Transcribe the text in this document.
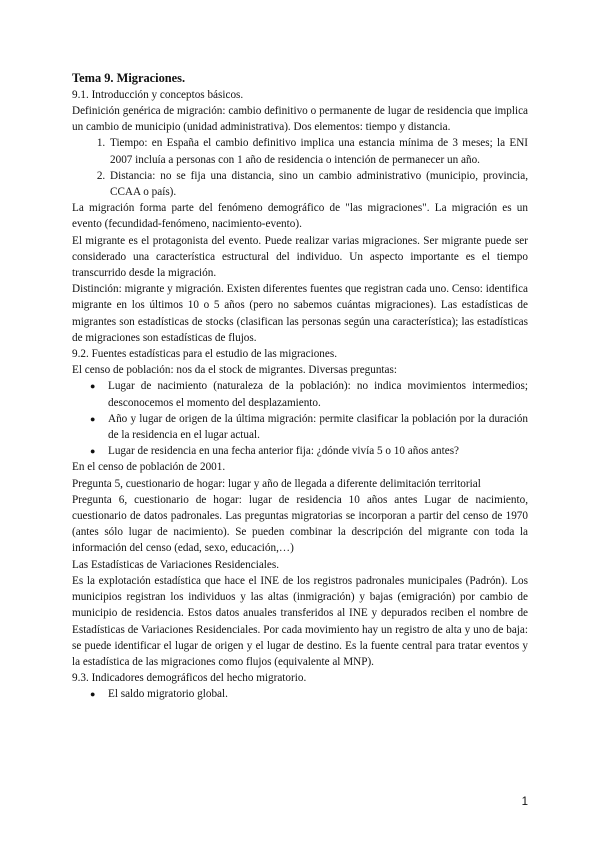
Tema 9. Migraciones.

9.1. Introducción y conceptos básicos.

Definición genérica de migración: cambio definitivo o permanente de lugar de residencia que implica un cambio de municipio (unidad administrativa). Dos elementos: tiempo y distancia.

1. Tiempo: en España el cambio definitivo implica una estancia mínima de 3 meses; la ENI 2007 incluía a personas con 1 año de residencia o intención de permanecer un año.
2. Distancia: no se fija una distancia, sino un cambio administrativo (municipio, provincia, CCAA o país).

La migración forma parte del fenómeno demográfico de "las migraciones". La migración es un evento (fecundidad-fenómeno, nacimiento-evento).

El migrante es el protagonista del evento. Puede realizar varias migraciones. Ser migrante puede ser considerado una característica estructural del individuo. Un aspecto importante es el tiempo transcurrido desde la migración.

Distinción: migrante y migración. Existen diferentes fuentes que registran cada uno. Censo: identifica migrante en los últimos 10 o 5 años (pero no sabemos cuántas migraciones). Las estadísticas de migrantes son estadísticas de stocks (clasifican las personas según una característica); las estadísticas de migraciones son estadísticas de flujos.

9.2. Fuentes estadísticas para el estudio de las migraciones.

El censo de población: nos da el stock de migrantes. Diversas preguntas:

● Lugar de nacimiento (naturaleza de la población): no indica movimientos intermedios; desconocemos el momento del desplazamiento.
● Año y lugar de origen de la última migración: permite clasificar la población por la duración de la residencia en el lugar actual.
● Lugar de residencia en una fecha anterior fija: ¿dónde vivía 5 o 10 años antes?

En el censo de población de 2001.

Pregunta 5, cuestionario de hogar: lugar y año de llegada a diferente delimitación territorial

Pregunta 6, cuestionario de hogar: lugar de residencia 10 años antes Lugar de nacimiento, cuestionario de datos padronales. Las preguntas migratorias se incorporan a partir del censo de 1970 (antes sólo lugar de nacimiento). Se pueden combinar la descripción del migrante con toda la información del censo (edad, sexo, educación,…)

Las Estadísticas de Variaciones Residenciales.

Es la explotación estadística que hace el INE de los registros padronales municipales (Padrón). Los municipios registran los individuos y las altas (inmigración) y bajas (emigración) por cambio de municipio de residencia. Estos datos anuales transferidos al INE y depurados reciben el nombre de Estadísticas de Variaciones Residenciales. Por cada movimiento hay un registro de alta y uno de baja: se puede identificar el lugar de origen y el lugar de destino. Es la fuente central para tratar eventos y la estadística de las migraciones como flujos (equivalente al MNP).

9.3. Indicadores demográficos del hecho migratorio.

● El saldo migratorio global.
1
